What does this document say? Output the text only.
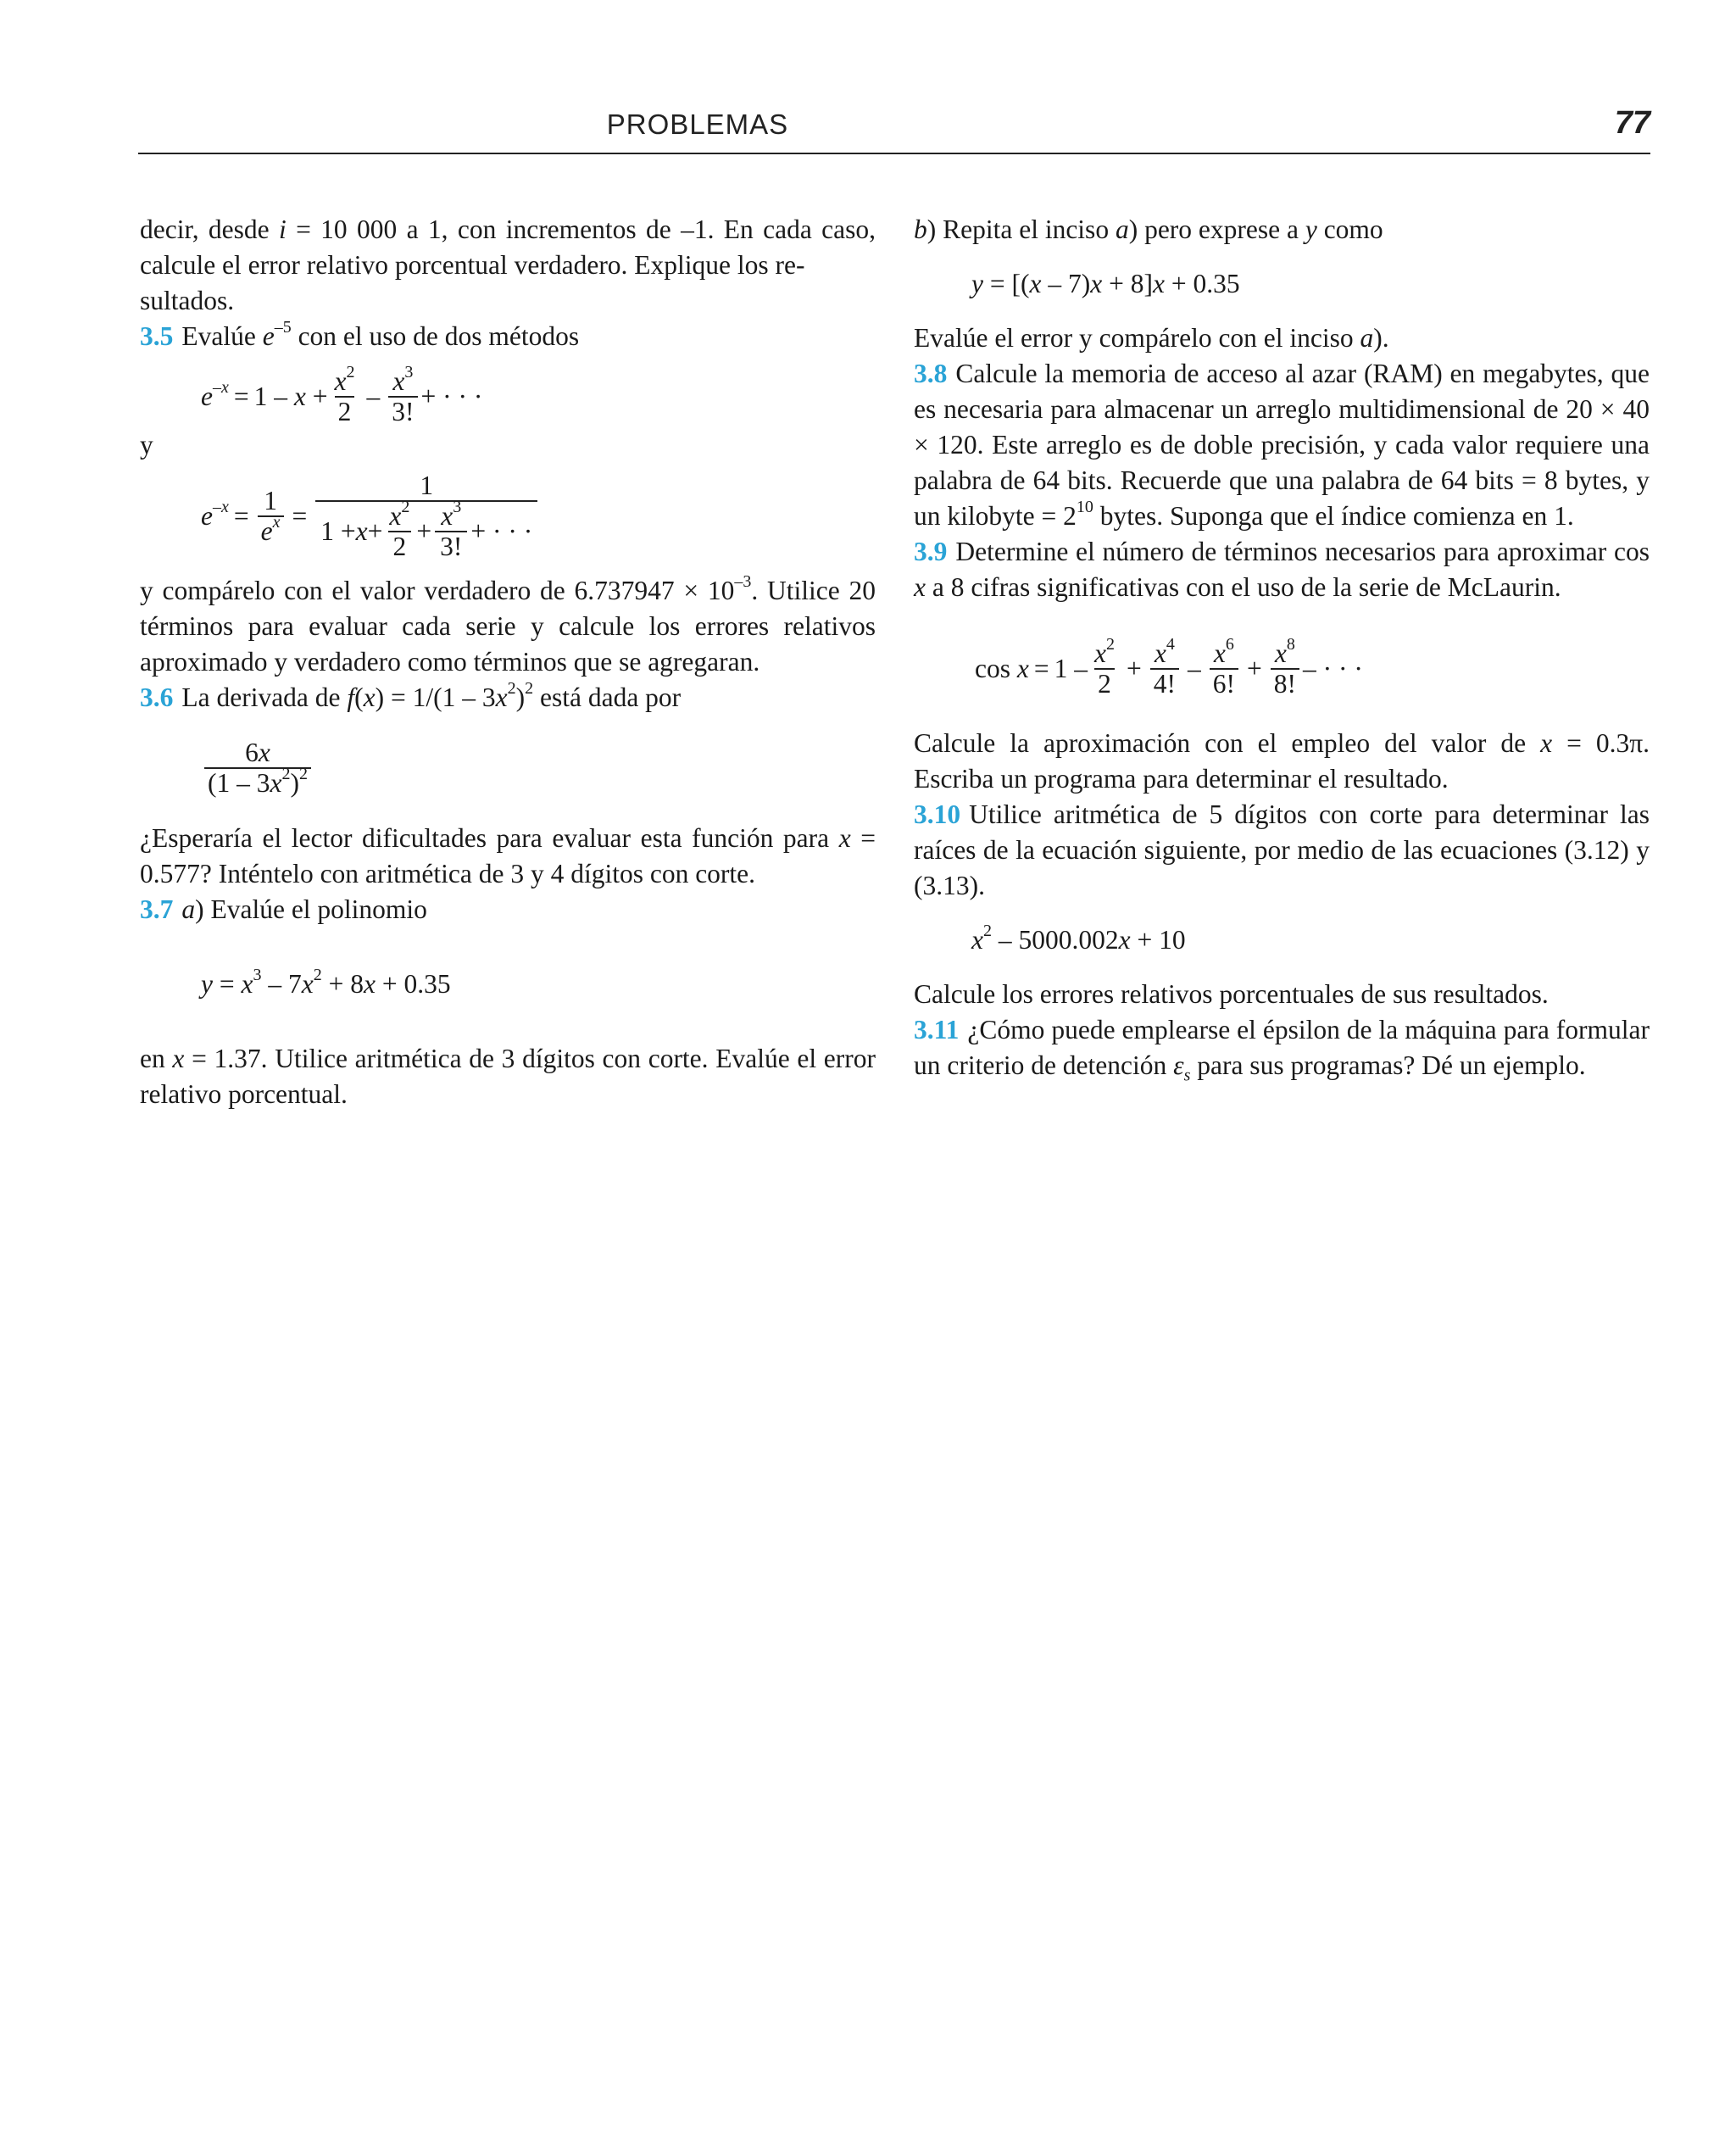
PROBLEMAS	77

decir, desde i = 10 000 a 1, con incrementos de –1. En cada caso, calcule el error relativo porcentual verdadero. Explique los re-
sultados.

3.5 Evalúe $e^{-5}$ con el uso de dos métodos

$e^{-x} = 1 - x + \frac{x^2}{2} - \frac{x^3}{3!}$ + · · ·

y

$e^{-x} = \frac{1}{e^x} = \frac{1}{1 + x + \frac{x^2}{2} + \frac{x^3}{3!} + \cdot \cdot \cdot}$

y compárelo con el valor verdadero de $6.737947 \times 10^{-3}$. Utilice 20 términos para evaluar cada serie y calcule los errores relativos aproximado y verdadero como términos que se agregaran.

3.6 La derivada de $f(x) = 1/(1 - 3x^2)^2$ está dada por

$\frac{6x}{(1 - 3x^2)^2}$

¿Esperaría el lector dificultades para evaluar esta función para x = 0.577? Inténtelo con aritmética de 3 y 4 dígitos con corte.

3.7 a) Evalúe el polinomio

$y = x^3 - 7x^2 + 8x + 0.35$

en x = 1.37. Utilice aritmética de 3 dígitos con corte. Evalúe el error relativo porcentual.

b) Repita el inciso a) pero exprese a y como

y = [(x – 7)x + 8]x + 0.35

Evalúe el error y compárelo con el inciso a).

3.8 Calcule la memoria de acceso al azar (RAM) en megabytes, que es necesaria para almacenar un arreglo multidimensional de 20 × 40 × 120. Este arreglo es de doble precisión, y cada valor requiere una palabra de 64 bits. Recuerde que una palabra de 64 bits = 8 bytes, y un kilobyte = $2^{10}$ bytes. Suponga que el índice comienza en 1.

3.9 Determine el número de términos necesarios para aproximar cos x a 8 cifras significativas con el uso de la serie de McLaurin.

$\cos x = 1 - \frac{x^2}{2} + \frac{x^4}{4!} - \frac{x^6}{6!} + \frac{x^8}{8!}$ – · · ·

Calcule la aproximación con el empleo del valor de x = 0.3π. Escriba un programa para determinar el resultado.

3.10 Utilice aritmética de 5 dígitos con corte para determinar las raíces de la ecuación siguiente, por medio de las ecuaciones (3.12) y (3.13).

$x^2 - 5000.002x + 10$

Calcule los errores relativos porcentuales de sus resultados.

3.11 ¿Cómo puede emplearse el épsilon de la máquina para formular un criterio de detención $\varepsilon_s$ para sus programas? Dé un ejemplo.
